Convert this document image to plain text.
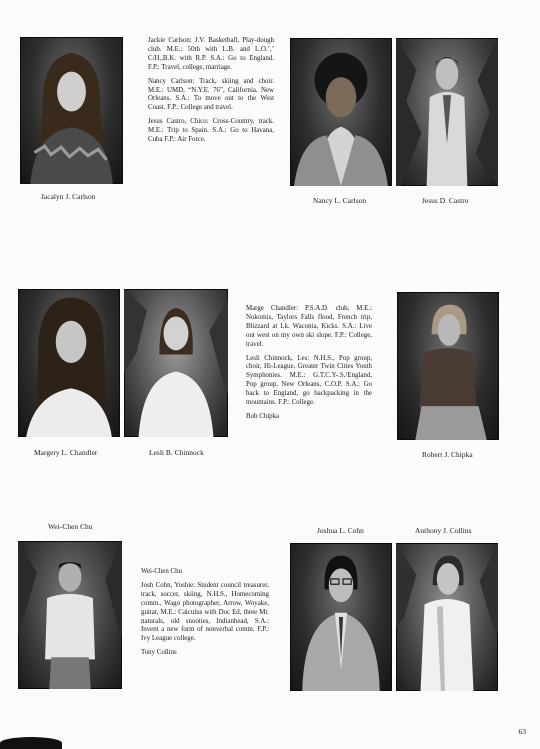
Jacalyn J. Carlson

Jackie Carlson: J.V. Basketball, Play-dough club. M.E.: 50th with L.B. and L.O.’,’ C/H.,B.K. with R.P. S.A.: Go to England. F.P.: Travel, college, marriage.

Nancy Carlson: Track, skiing and choir. M.E.: UMD, “N.Y.E. 76”, California. New Orleans. S.A.: To move out to the West Coast. F.P.: College and travel.

Jesus Castro, Chico: Cross-Country, track. M.E.: Trip to Spain. S.A.: Go to Havana, Cuba F.P.: Air Force.

Nancy L. Carlson	Jesus D. Castro
Margery L. Chandler	Lesli B. Chinnock

Marge Chandler: P.S.A.D. club, M.E.: Nokomis, Taylors Falls flood, French trip, Blizzard at Lk. Waconia, Kicks. S.A.: Live out west on my own ski slope. F.P.: College, travel.

Lesli Chinnock, Les: N.H.S., Pop group, choir, Hi-League, Greater Twin Cities Youth Symphonies. M.E.: G.T.C.Y-.S./England, Pop group, New Orleans, C.O.P. S.A.: Go back to England, go backpacking in the mountains. F.P.: College.

Bob Chipka

Robert J. Chipka
Wei-Chen Chu

Wei-Chen Chu

Josh Cohn, Yoshie: Student council treasurer, track, soccer, skiing, N.H.S., Homecoming comm., Wago photographer, Arrow, Woyake, guitar, M.E.: Calculus with Doc Ed, three Mr. naturals, old snooties, Indianhead, S.A.: Invent a new form of nonverbal comm. F.P.: Ivy League college.

Tony Collins

Joshua L. Cohn	Anthony J. Collins
63
